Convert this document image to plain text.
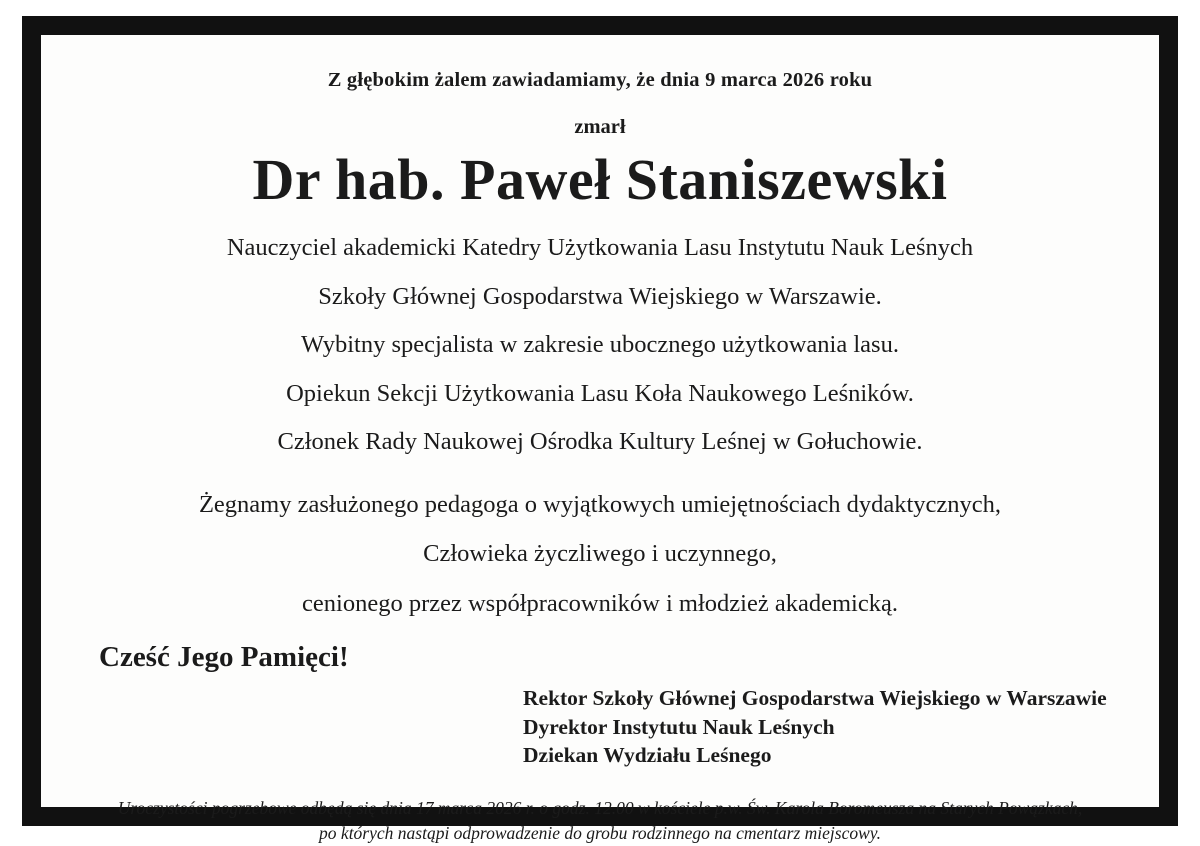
Z głębokim żalem zawiadamiamy, że dnia 9 marca 2026 roku

zmarł

Dr hab. Paweł Staniszewski

Nauczyciel akademicki Katedry Użytkowania Lasu Instytutu Nauk Leśnych

Szkoły Głównej Gospodarstwa Wiejskiego w Warszawie.

Wybitny specjalista w zakresie ubocznego użytkowania lasu.

Opiekun Sekcji Użytkowania Lasu Koła Naukowego Leśników.

Członek Rady Naukowej Ośrodka Kultury Leśnej w Gołuchowie.

Żegnamy zasłużonego pedagoga o wyjątkowych umiejętnościach dydaktycznych,

Człowieka życzliwego i uczynnego,

cenionego przez współpracowników i młodzież akademicką.

Cześć Jego Pamięci!

Rektor Szkoły Głównej Gospodarstwa Wiejskiego w Warszawie
Dyrektor Instytutu Nauk Leśnych
Dziekan Wydziału Leśnego

Uroczystości pogrzebowe odbędą się dnia 17 marca 2026 r. o godz. 12.00 w kościele p.w. Św. Karola Boromeusza na Starych Powązkach,

po których nastąpi odprowadzenie do grobu rodzinnego na cmentarz miejscowy.
